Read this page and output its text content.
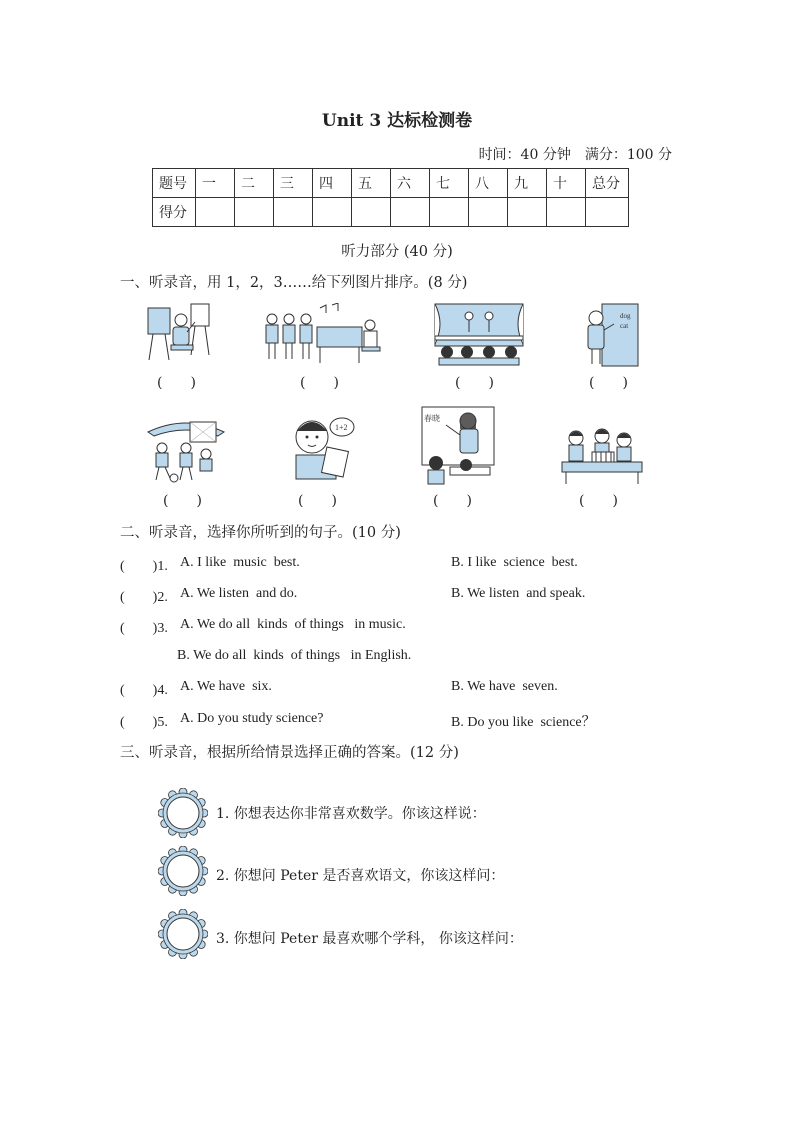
Unit 3 达标检测卷
时间：40 分钟　满分：100 分
题号	一	二	三	四	五	六	七	八	九	十	总分
得分											
听力部分 (40 分)
一、听录音，用 1，2，3……给下列图片排序。(8 分)
(　　)	(　　)	(　　)
dog
cat
(　　)
(　　)
1+2
(　　)
春晓
(　　)	(　　)
二、听录音，选择你所听到的句子。(10 分)
(　　)1. A. I like  music  best.	B. I like  science  best.
(　　)2. A. We listen  and do.	B. We listen  and speak.
(　　)3. A. We do all  kinds  of things   in music.
B. We do all  kinds  of things   in English.
(　　)4. A. We have  six.	B. We have  seven.
(　　)5. A. Do you study science?	B. Do you like  science？
三、听录音，根据所给情景选择正确的答案。(12 分)
1. 你想表达你非常喜欢数学。你该这样说：
2. 你想问 Peter 是否喜欢语文，你该这样问：
3. 你想问 Peter 最喜欢哪个学科， 你该这样问：
